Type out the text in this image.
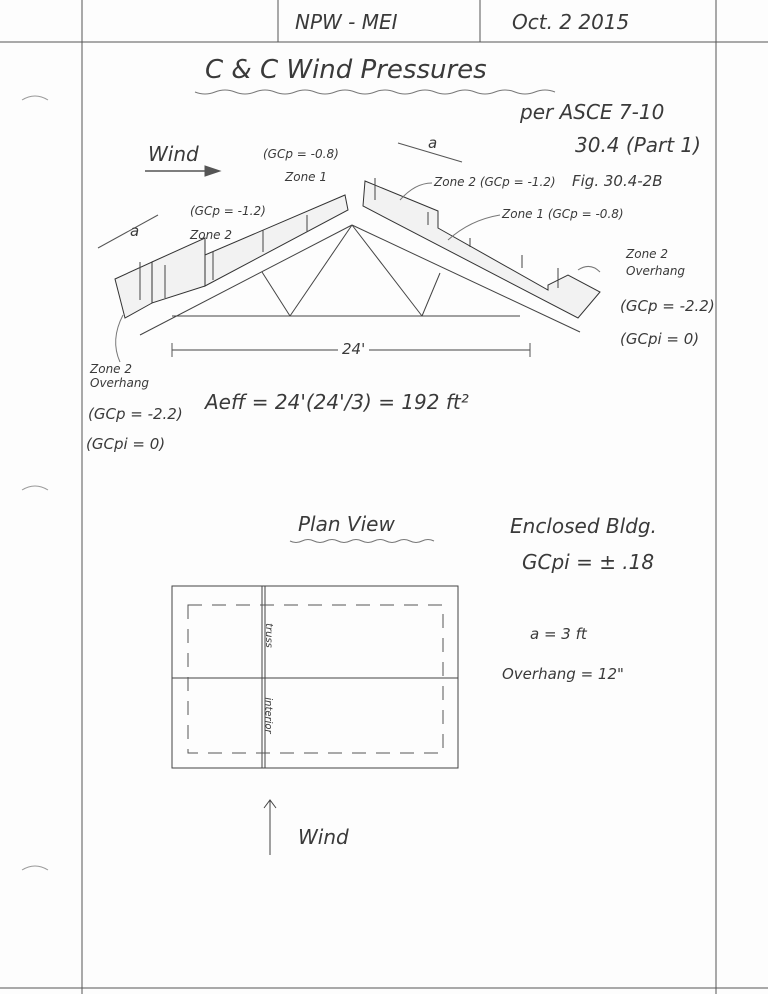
NPW - MEI	Oct. 2 2015
C & C Wind Pressures
per ASCE 7-10
30.4 (Part 1)
Fig. 30.4-2B
Wind	(GCp = -0.8)
Zone 1
(GCp = -1.2)
Zone 2
a
a
Zone 2 (GCp = -1.2)
Zone 1 (GCp = -0.8)
Zone 2
Overhang
(GCp = -2.2)
(GCpi = 0)
24'
Zone 2 Overhang
(GCp = -2.2)
(GCpi = 0)
Aeff = 24'(24'/3) = 192 ft²
Plan View	Enclosed Bldg.
GCpi = ± .18
a = 3 ft
Overhang = 12"
truss
interior
Wind
